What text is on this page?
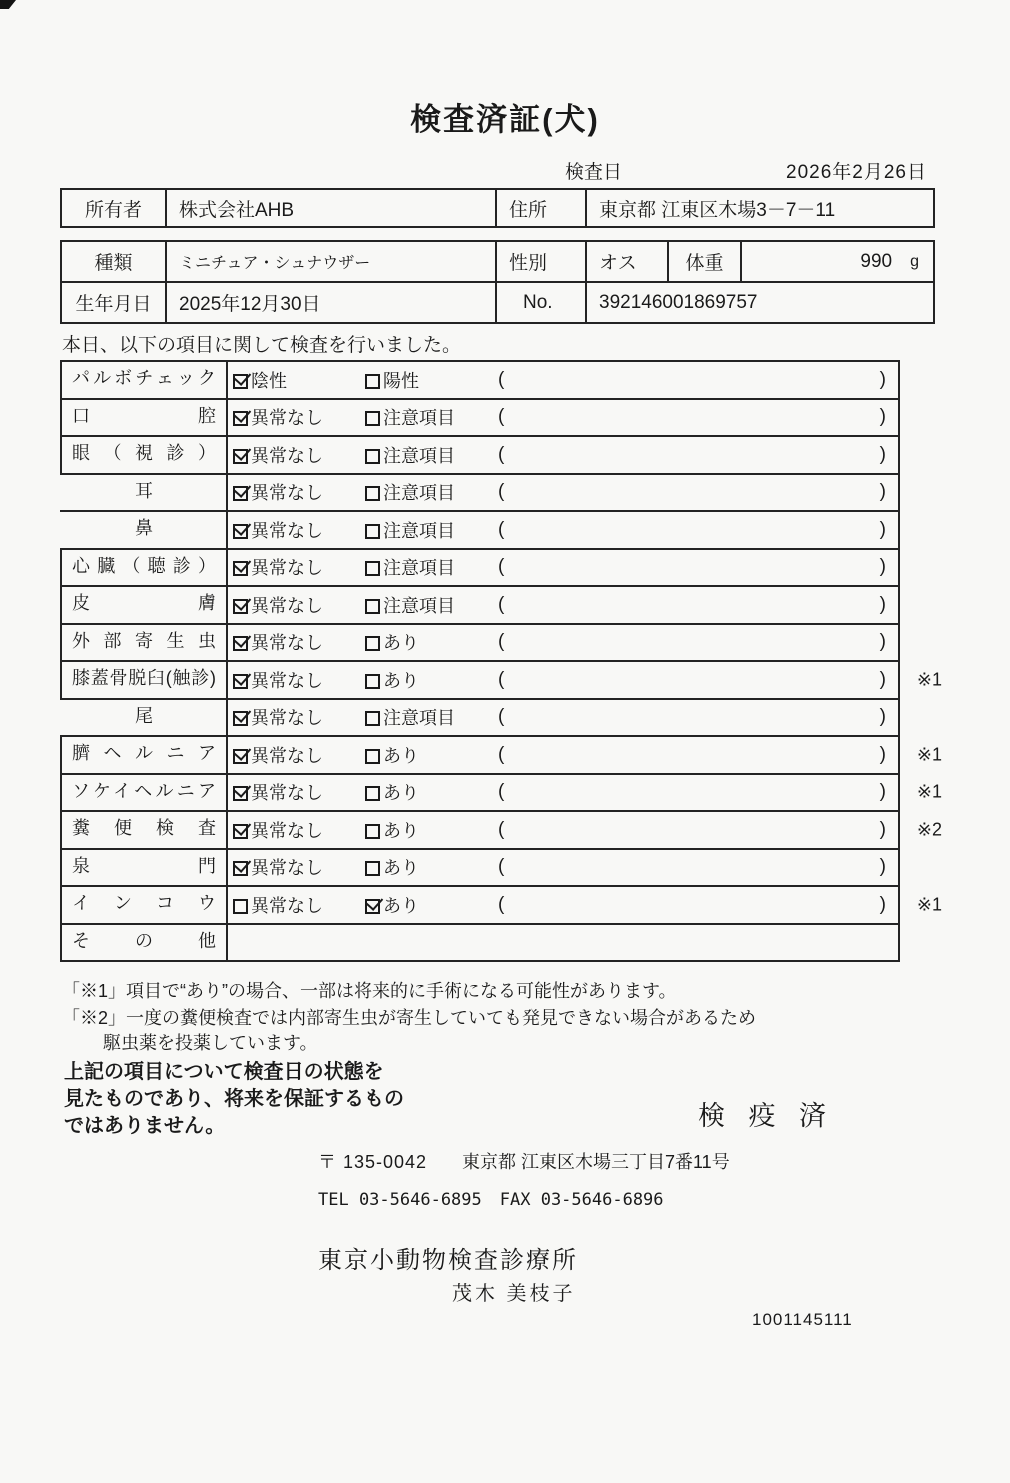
検査済証(犬)
検査日	2026年2月26日
所有者	株式会社AHB	住所	東京都 江東区木場3－7－11
種類	ミニチュア・シュナウザー	性別	オス	体重	990 g
生年月日	2025年12月30日	No.	392146001869757
本日、以下の項目に関して検査を行いました。
パルボチェック	陰性	陽性	(	)
口腔	異常なし	注意項目 (	)
眼（視診）	異常なし	注意項目 (	)
耳	異常なし	注意項目 (	)
鼻	異常なし	注意項目 (	)
心臓（聴診）	異常なし	注意項目 (	)
皮膚	異常なし	注意項目 (	)
外部寄生虫	異常なし	あり	(	)
膝蓋骨脱臼(触診)	異常なし	あり	(	) ※1
尾	異常なし	注意項目 (	)
臍ヘルニア	異常なし	あり	(	) ※1
ソケイヘルニア	異常なし	あり	(	) ※1
糞便検査	異常なし	あり	(	) ※2
泉門	異常なし	あり	(	)
インコウ	異常なし	あり	(	) ※1
その他
「※1」項目で“あり”の場合、一部は将来的に手術になる可能性があります。
「※2」一度の糞便検査では内部寄生虫が寄生していても発見できない場合があるため
駆虫薬を投薬しています。
上記の項目について検査日の状態を
見たものであり、将来を保証するもの
ではありません。	検 疫 済
〒 135-0042 東京都 江東区木場三丁目7番11号
TEL 03-5646-6895 FAX 03-5646-6896
東京小動物検査診療所
茂木 美枝子
1001145111
